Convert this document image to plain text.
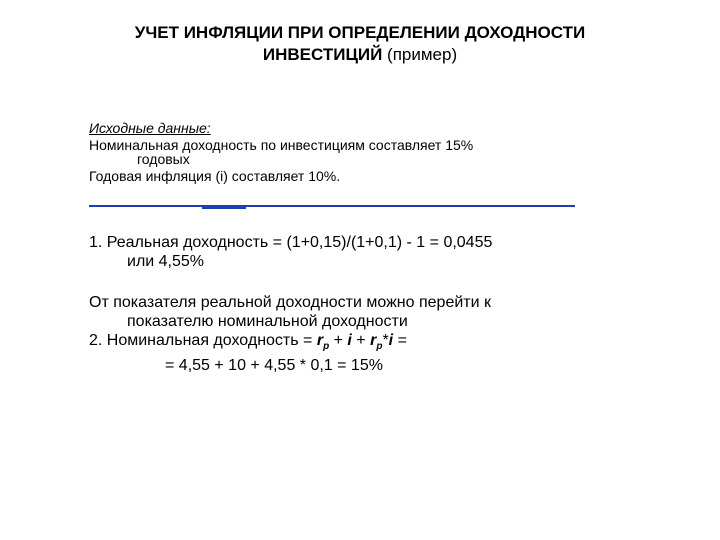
УЧЕТ ИНФЛЯЦИИ ПРИ ОПРЕДЕЛЕНИИ ДОХОДНОСТИ
ИНВЕСТИЦИЙ (пример)

Исходные данные:

Номинальная доходность по инвестициям составляет 15%

годовых

Годовая инфляция (i) составляет 10%.

1. Реальная доходность = (1+0,15)/(1+0,1) - 1 = 0,0455

или 4,55%

От показателя реальной доходности можно перейти к

показателю номинальной доходности

2. Номинальная доходность = $r_p + i + r_p*i$ =

= 4,55 + 10 + 4,55 * 0,1 = 15%
